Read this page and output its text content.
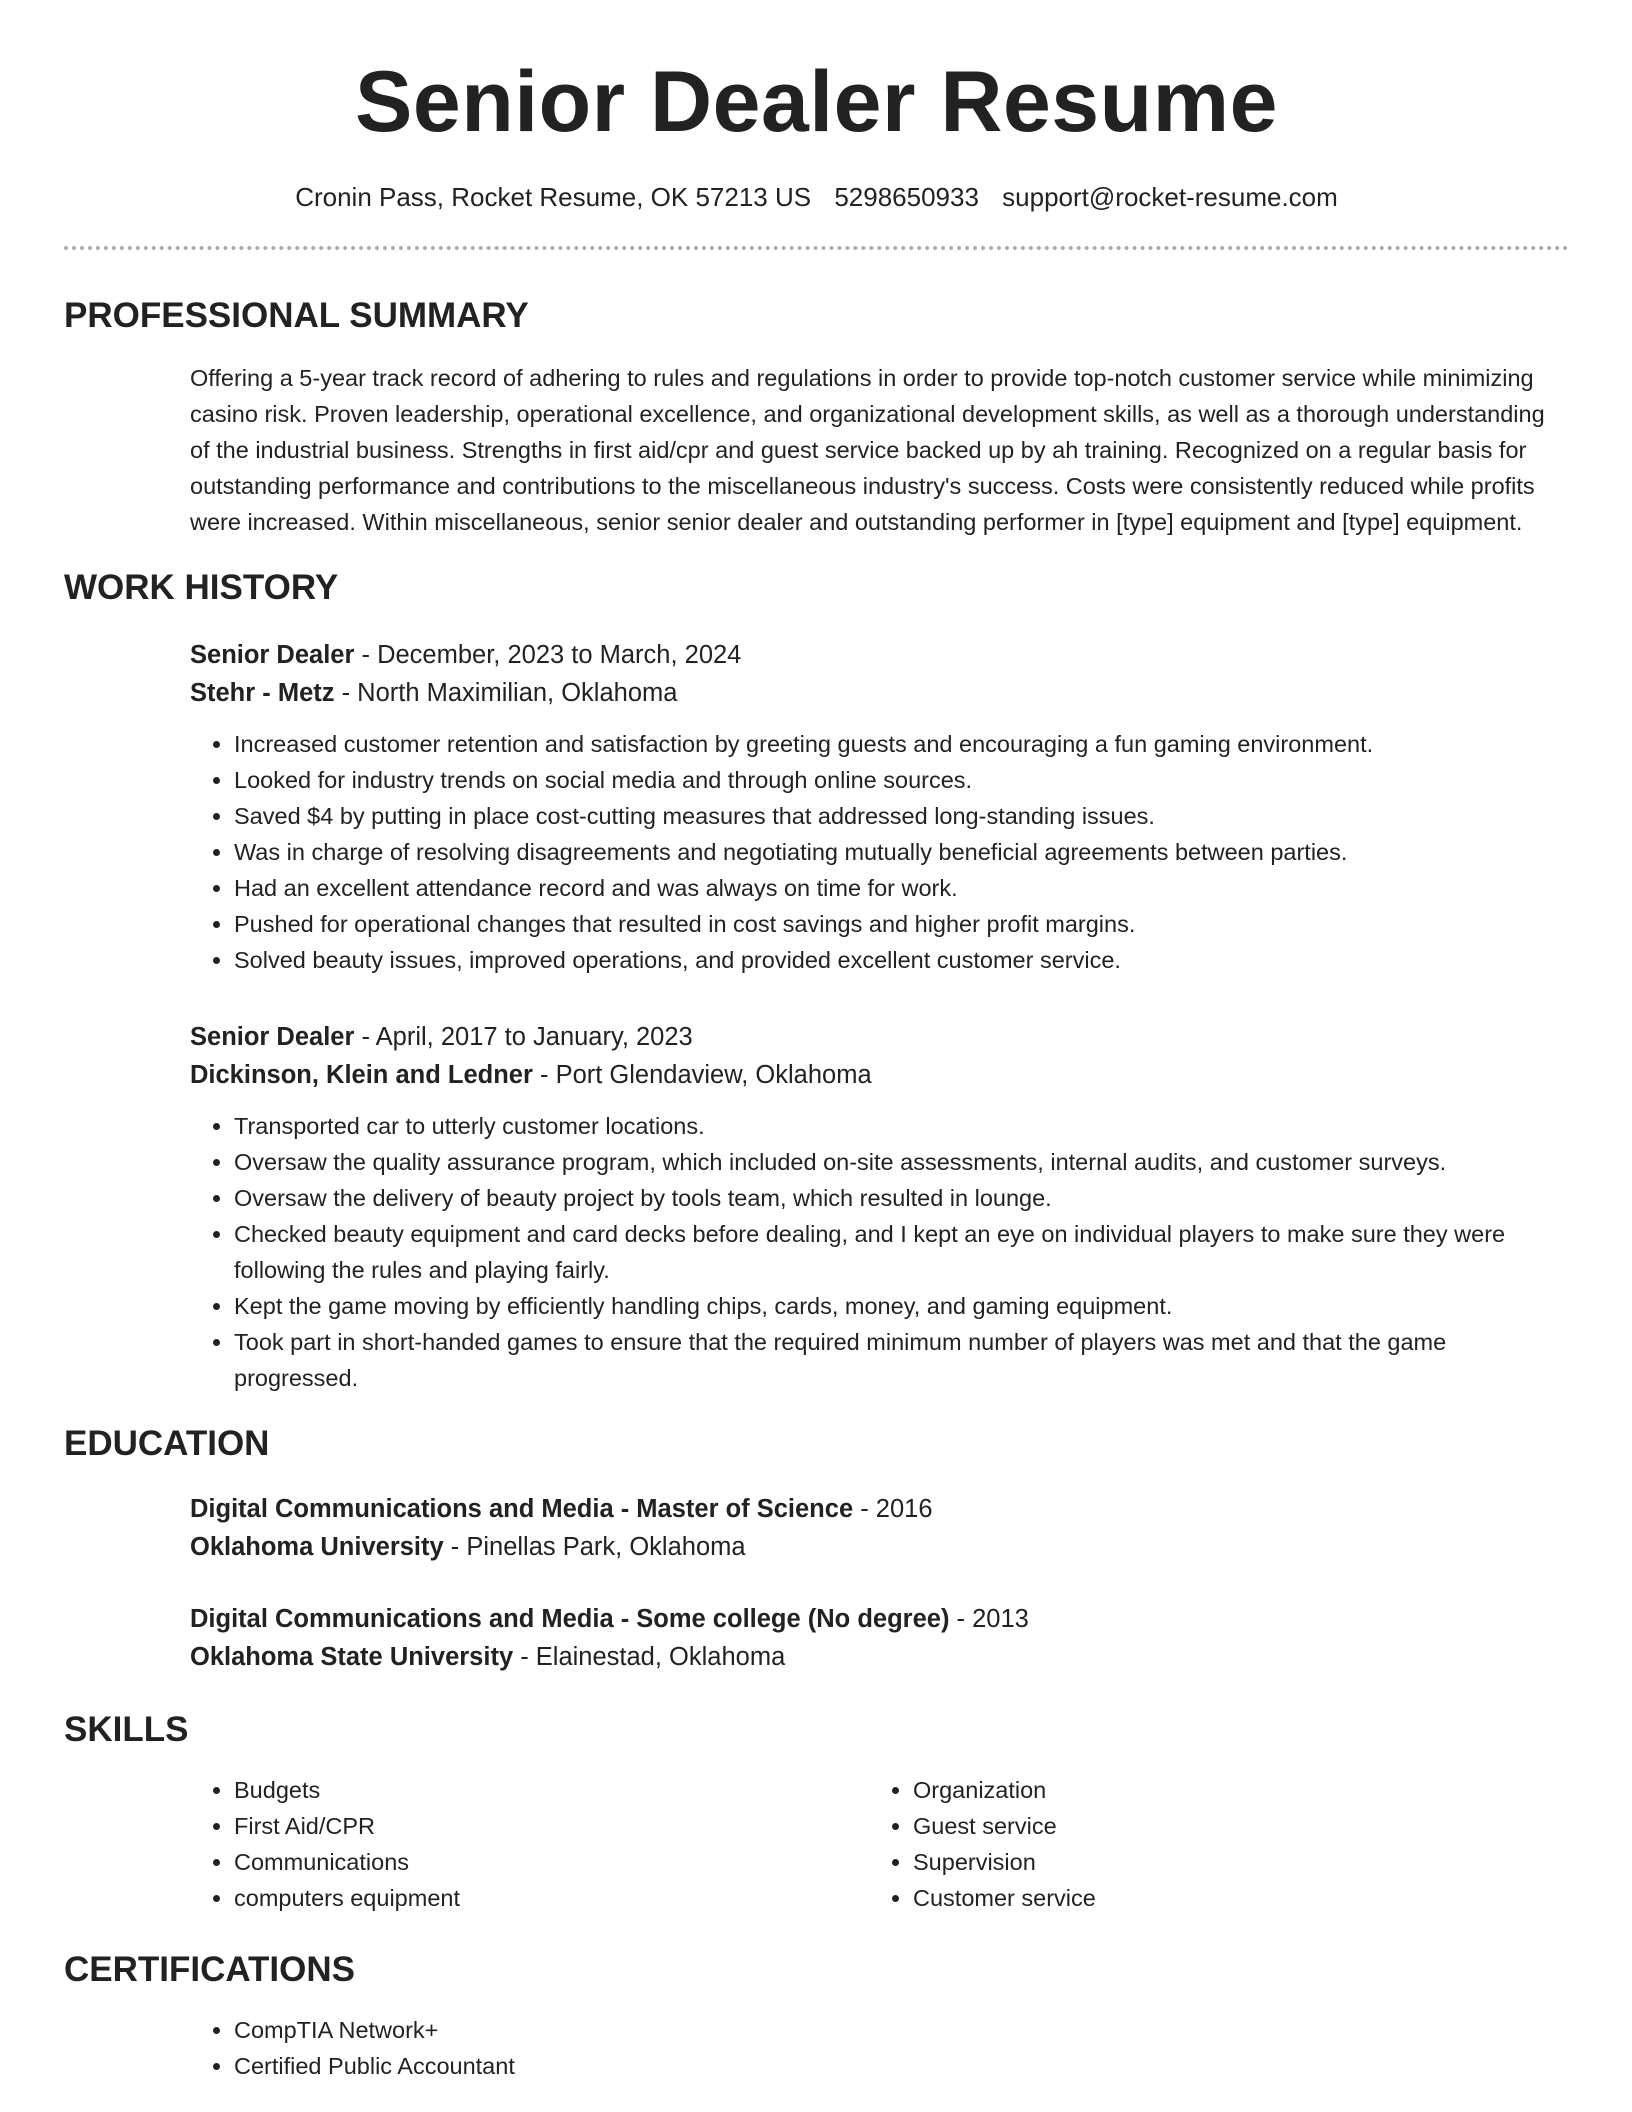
Senior Dealer Resume
Cronin Pass, Rocket Resume, OK 57213 US 5298650933 support@rocket-resume.com
PROFESSIONAL SUMMARY
Offering a 5-year track record of adhering to rules and regulations in order to provide top-notch customer service while minimizing casino risk. Proven leadership, operational excellence, and organizational development skills, as well as a thorough understanding of the industrial business. Strengths in first aid/cpr and guest service backed up by ah training. Recognized on a regular basis for outstanding performance and contributions to the miscellaneous industry's success. Costs were consistently reduced while profits were increased. Within miscellaneous, senior senior dealer and outstanding performer in [type] equipment and [type] equipment.
WORK HISTORY
Senior Dealer - December, 2023 to March, 2024
Stehr - Metz - North Maximilian, Oklahoma
• Increased customer retention and satisfaction by greeting guests and encouraging a fun gaming environment.
• Looked for industry trends on social media and through online sources.
• Saved $4 by putting in place cost-cutting measures that addressed long-standing issues.
• Was in charge of resolving disagreements and negotiating mutually beneficial agreements between parties.
• Had an excellent attendance record and was always on time for work.
• Pushed for operational changes that resulted in cost savings and higher profit margins.
• Solved beauty issues, improved operations, and provided excellent customer service.
Senior Dealer - April, 2017 to January, 2023
Dickinson, Klein and Ledner - Port Glendaview, Oklahoma
• Transported car to utterly customer locations.
• Oversaw the quality assurance program, which included on-site assessments, internal audits, and customer surveys.
• Oversaw the delivery of beauty project by tools team, which resulted in lounge.
• Checked beauty equipment and card decks before dealing, and I kept an eye on individual players to make sure they were following the rules and playing fairly.
• Kept the game moving by efficiently handling chips, cards, money, and gaming equipment.
• Took part in short-handed games to ensure that the required minimum number of players was met and that the game progressed.
EDUCATION
Digital Communications and Media - Master of Science - 2016
Oklahoma University - Pinellas Park, Oklahoma
Digital Communications and Media - Some college (No degree) - 2013
Oklahoma State University - Elainestad, Oklahoma
SKILLS
• Budgets
• First Aid/CPR
• Communications
• computers equipment
• Organization
• Guest service
• Supervision
• Customer service
CERTIFICATIONS
• CompTIA Network+
• Certified Public Accountant
